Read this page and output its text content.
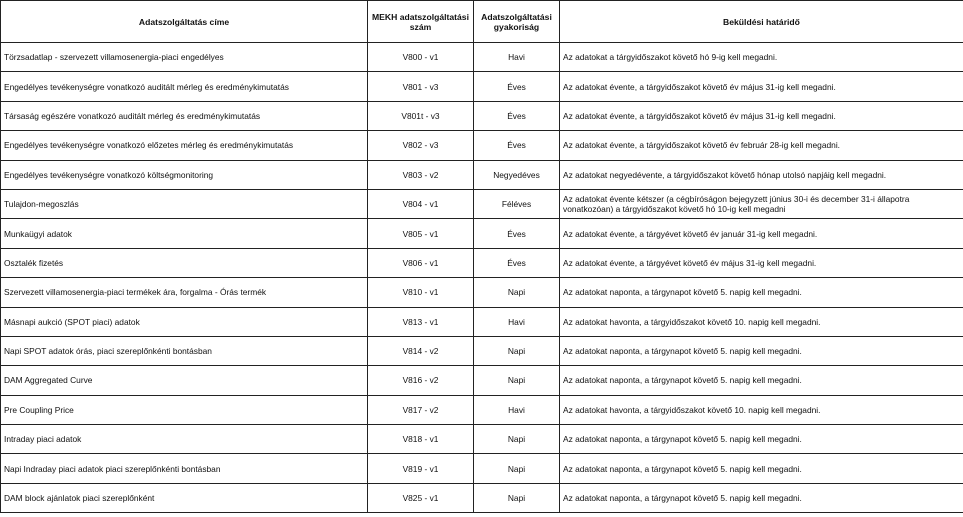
Adatszolgáltatás címe	MEKH adatszolgáltatási szám	Adatszolgáltatási gyakoriság	Beküldési határidő
Törzsadatlap - szervezett villamosenergia-piaci engedélyes	V800 - v1	Havi	Az adatokat a tárgyidőszakot követő hó 9-ig kell megadni.
Engedélyes tevékenységre vonatkozó auditált mérleg és eredménykimutatás	V801 - v3	Éves	Az adatokat évente, a tárgyidőszakot követő év május 31-ig kell megadni.
Társaság egészére vonatkozó auditált mérleg és eredménykimutatás	V801t - v3	Éves	Az adatokat évente, a tárgyidőszakot követő év május 31-ig kell megadni.
Engedélyes tevékenységre vonatkozó előzetes mérleg és eredménykimutatás	V802 - v3	Éves	Az adatokat évente, a tárgyidőszakot követő év február 28-ig kell megadni.
Engedélyes tevékenységre vonatkozó költségmonitoring	V803 - v2	Negyedéves	Az adatokat negyedévente, a tárgyidőszakot követő hónap utolsó napjáig kell megadni.
Tulajdon-megoszlás	V804 - v1	Féléves	Az adatokat évente kétszer (a cégbíróságon bejegyzett június 30-i és december 31-i állapotra vonatkozóan) a tárgyidőszakot követő hó 10-ig kell megadni
Munkaügyi adatok	V805 - v1	Éves	Az adatokat évente, a tárgyévet követő év január 31-ig kell megadni.
Osztalék fizetés	V806 - v1	Éves	Az adatokat évente, a tárgyévet követő év május 31-ig kell megadni.
Szervezett villamosenergia-piaci termékek ára, forgalma - Órás termék	V810 - v1	Napi	Az adatokat naponta, a tárgynapot követő 5. napig kell megadni.
Másnapi aukció (SPOT piaci) adatok	V813 - v1	Havi	Az adatokat havonta, a tárgyidőszakot követő 10. napig kell megadni.
Napi SPOT adatok órás, piaci szereplőnkénti bontásban	V814 - v2	Napi	Az adatokat naponta, a tárgynapot követő 5. napig kell megadni.
DAM Aggregated Curve	V816 - v2	Napi	Az adatokat naponta, a tárgynapot követő 5. napig kell megadni.
Pre Coupling Price	V817 - v2	Havi	Az adatokat havonta, a tárgyidőszakot követő 10. napig kell megadni.
Intraday piaci adatok	V818 - v1	Napi	Az adatokat naponta, a tárgynapot követő 5. napig kell megadni.
Napi Indraday piaci adatok piaci szereplőnkénti bontásban	V819 - v1	Napi	Az adatokat naponta, a tárgynapot követő 5. napig kell megadni.
DAM block ajánlatok piaci szereplőnként	V825 - v1	Napi	Az adatokat naponta, a tárgynapot követő 5. napig kell megadni.
